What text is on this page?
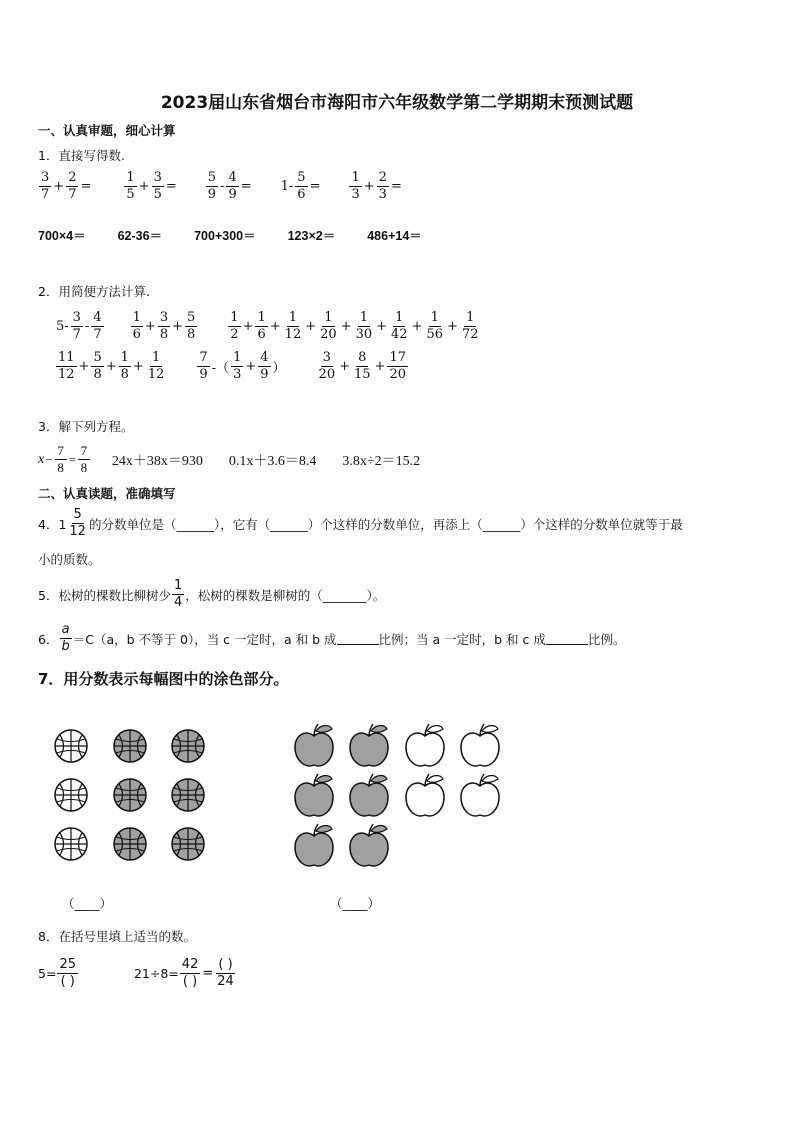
2023届山东省烟台市海阳市六年级数学第二学期期末预测试题
一、认真审题，细心计算
1．直接写得数.
$\frac{3}{7} + \frac{2}{7}$ =	$\frac{1}{5} + \frac{3}{5} = \frac{5}{9} - \frac{4}{9} = 1- \frac{5}{6} = \frac{1}{3} + \frac{2}{3}$ =
700×4＝	62-36＝	700+300＝	123×2＝	486+14＝
2．用简便方法计算.
$5- \frac{3}{7} - \frac{4}{7} \frac{1}{6} + \frac{3}{8} + \frac{5}{8} \frac{1}{2} + \frac{1}{6} + \frac{1}{12} + \frac{1}{20} + \frac{1}{30} + \frac{1}{42} + \frac{1}{56} + \frac{1}{72}$
$\frac{11}{12} + \frac{5}{8} + \frac{1}{8} + \frac{1}{12} \frac{7}{9}$ -（ $\frac{1}{3} + \frac{4}{9}$ ） $\frac{3}{20} + \frac{8}{15} + \frac{17}{20}$
3．解下列方程。
$x - \frac{7}{8} = \frac{7}{8} 24x+38x=930$ 0.1x＋3.6＝8.4 3.8x÷2＝15.2
二、认真读题，准确填写
4．$1 \frac{5}{12}$ 的分数单位是（______），它有（______）个这样的分数单位，再添上（______）个这样的分数单位就等于最
小的质数。
5．松树的棵数比柳树少 $\frac{1}{4}$ ，松树的棵数是柳树的（_______）。
6． $\frac{a}{b} =C(a$，b 不等于 0），当 c 一定时，a 和 b 成	比例；当 a 一定时，b 和 c 成	比例。
7．用分数表示每幅图中的涂色部分。
（____）	（____）
8．在括号里填上适当的数。
$5= \frac{25}{( )}$	$21\div 8= \frac{42}{( )} = \frac{( )}{24}$
